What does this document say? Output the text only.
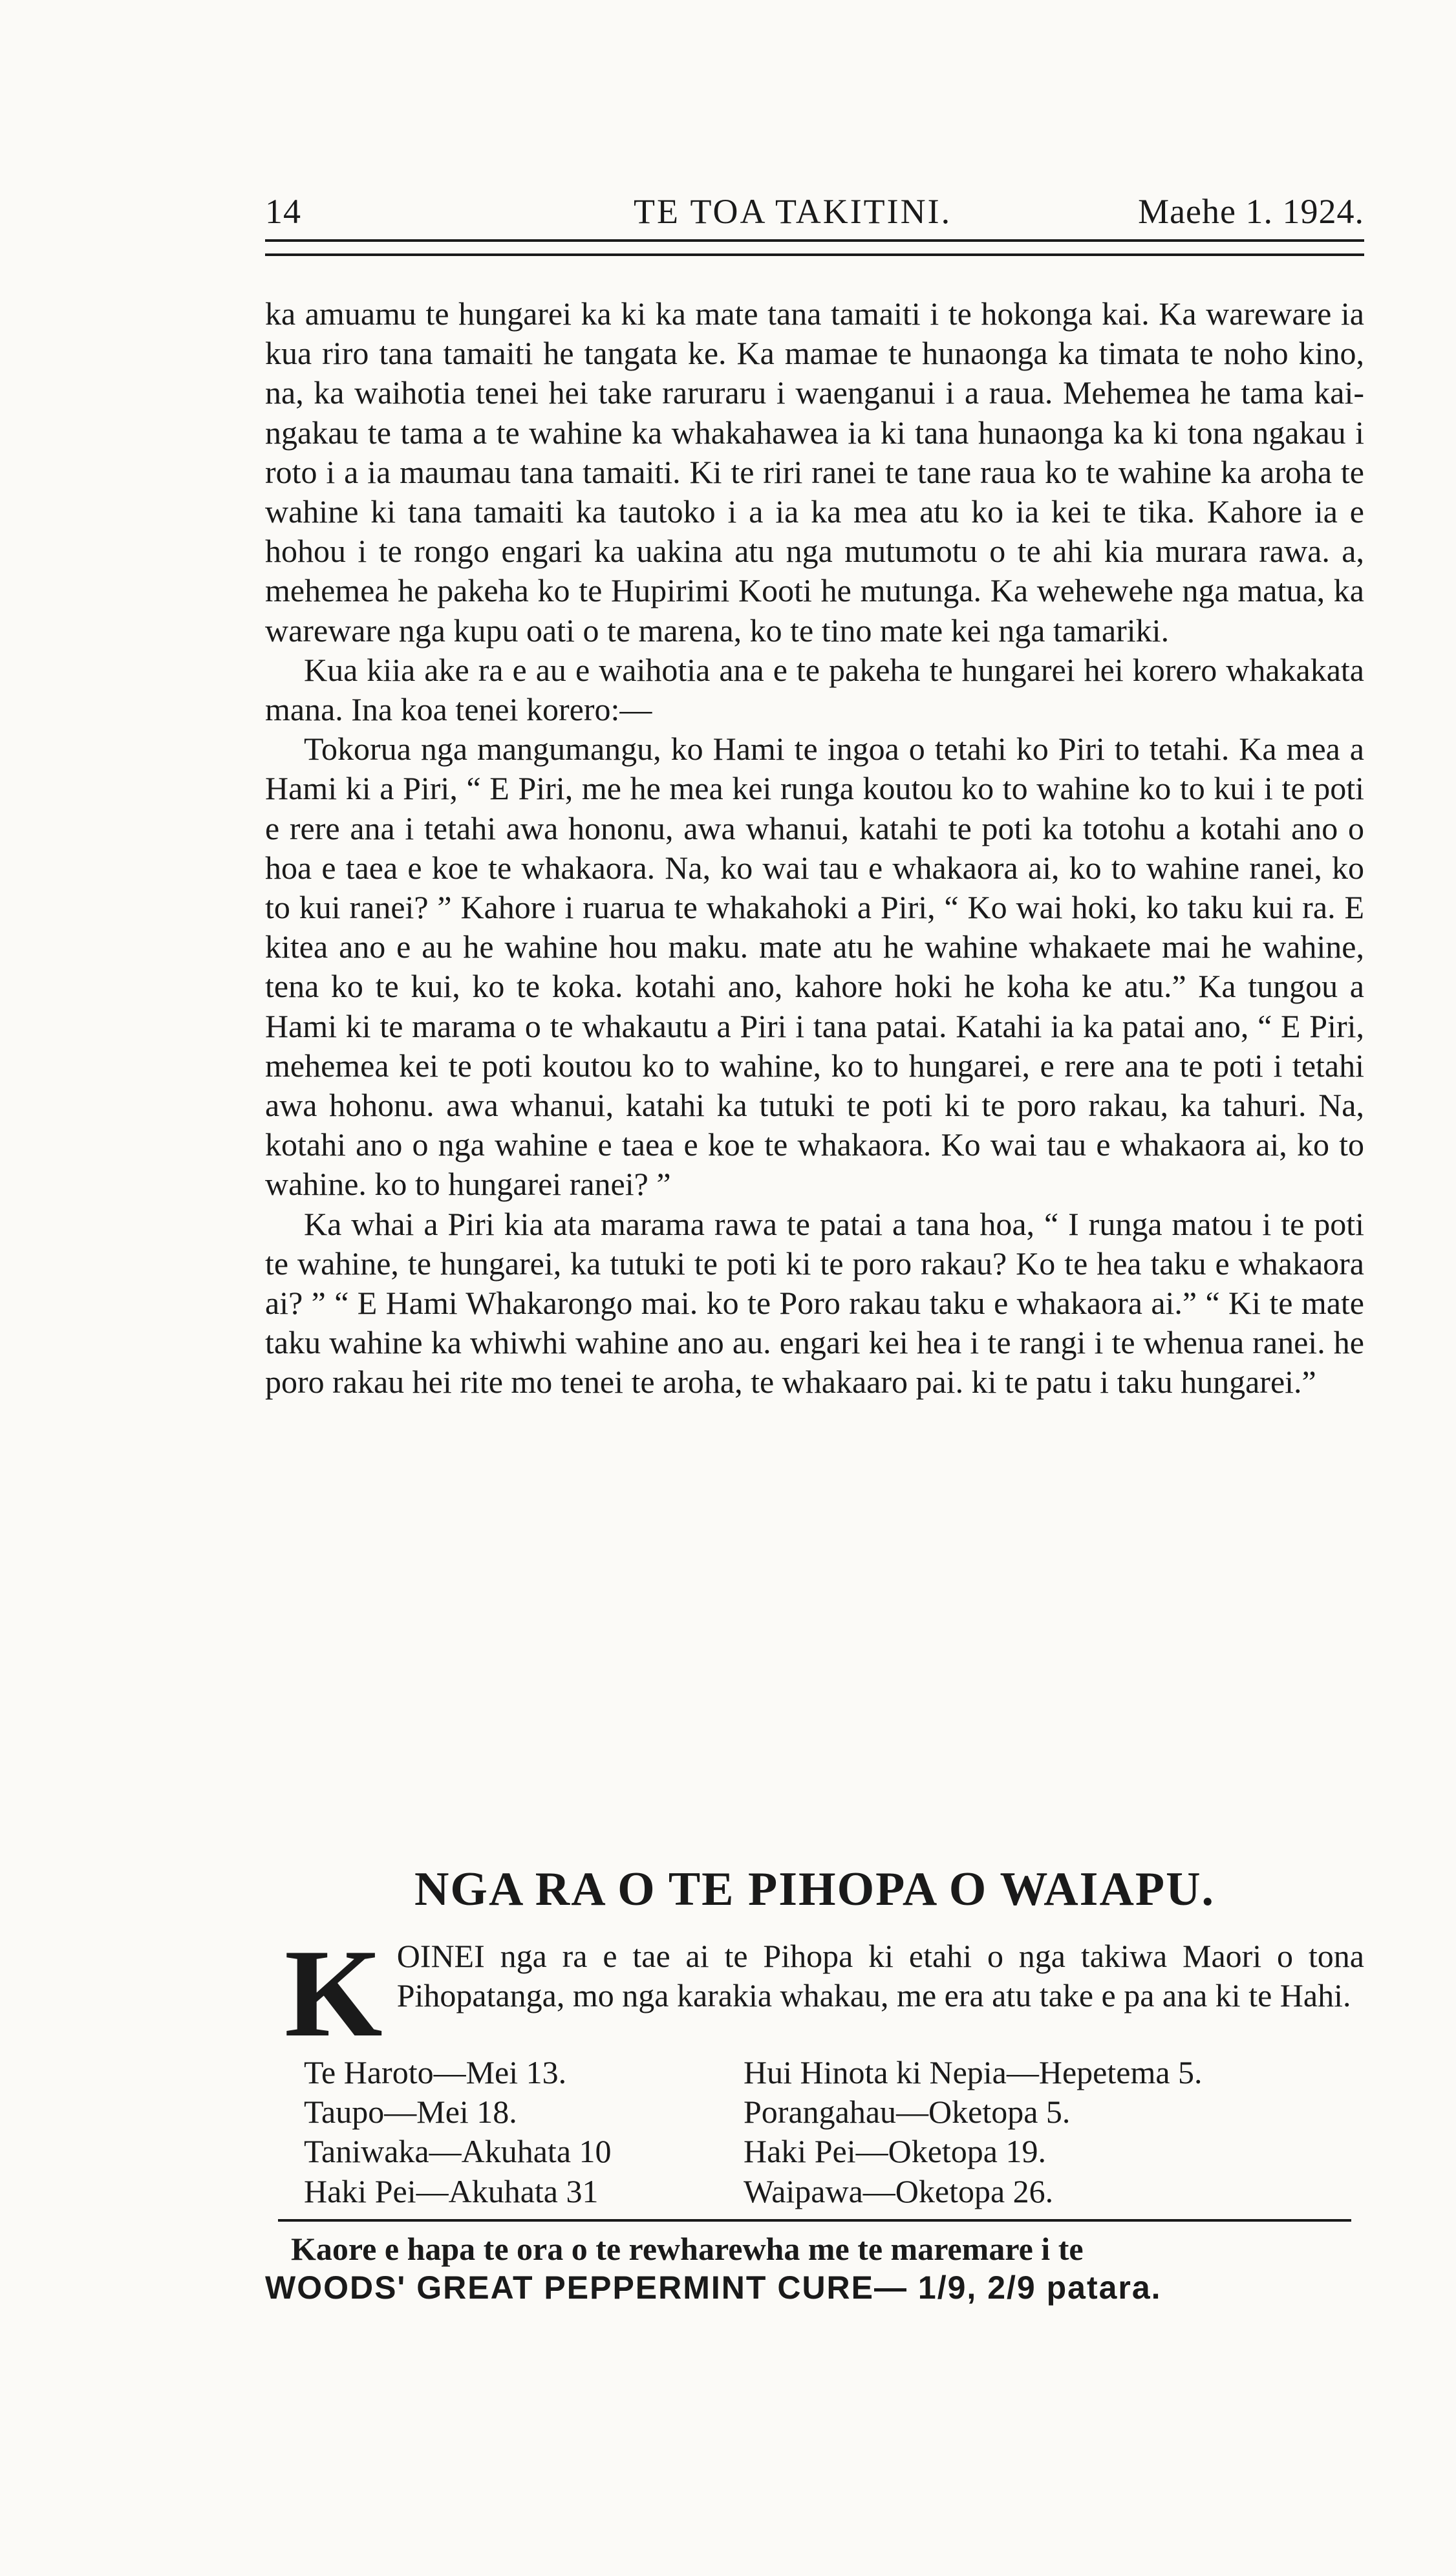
14	TE TOA TAKITINI.	Maehe 1. 1924.

ka amuamu te hungarei ka ki ka mate tana tamaiti i te hokonga kai. Ka wareware ia kua riro tana tamaiti he tangata ke. Ka mamae te hunaonga ka timata te noho kino, na, ka waihotia tenei hei take raruraru i waenganui i a raua. Mehemea he tama kai-ngakau te tama a te wahine ka whakahawea ia ki tana hunaonga ka ki tona ngakau i roto i a ia maumau tana tamaiti. Ki te riri ranei te tane raua ko te wahine ka aroha te wahine ki tana tamaiti ka tautoko i a ia ka mea atu ko ia kei te tika. Kahore ia e hohou i te rongo engari ka uakina atu nga mutumotu o te ahi kia murara rawa. a, mehemea he pakeha ko te Hupirimi Kooti he mutunga. Ka wehewehe nga matua, ka wareware nga kupu oati o te marena, ko te tino mate kei nga tamariki.

Kua kiia ake ra e au e waihotia ana e te pakeha te hungarei hei korero whakakata mana. Ina koa tenei korero:—

Tokorua nga mangumangu, ko Hami te ingoa o tetahi ko Piri to tetahi. Ka mea a Hami ki a Piri, “ E Piri, me he mea kei runga koutou ko to wahine ko to kui i te poti e rere ana i tetahi awa hononu, awa whanui, katahi te poti ka totohu a kotahi ano o hoa e taea e koe te whakaora. Na, ko wai tau e whakaora ai, ko to wahine ranei, ko to kui ranei? ” Kahore i ruarua te whakahoki a Piri, “ Ko wai hoki, ko taku kui ra. E kitea ano e au he wahine hou maku. mate atu he wahine whakaete mai he wahine, tena ko te kui, ko te koka. kotahi ano, kahore hoki he koha ke atu.” Ka tungou a Hami ki te marama o te whakautu a Piri i tana patai. Katahi ia ka patai ano, “ E Piri, mehemea kei te poti koutou ko to wahine, ko to hungarei, e rere ana te poti i tetahi awa hohonu. awa whanui, katahi ka tutuki te poti ki te poro rakau, ka tahuri. Na, kotahi ano o nga wahine e taea e koe te whakaora. Ko wai tau e whakaora ai, ko to wahine. ko to hungarei ranei? ”

Ka whai a Piri kia ata marama rawa te patai a tana hoa, “ I runga matou i te poti te wahine, te hungarei, ka tutuki te poti ki te poro rakau? Ko te hea taku e whakaora ai? ” “ E Hami Whakarongo mai. ko te Poro rakau taku e whakaora ai.” “ Ki te mate taku wahine ka whiwhi wahine ano au. engari kei hea i te rangi i te whenua ranei. he poro rakau hei rite mo tenei te aroha, te whakaaro pai. ki te patu i taku hungarei.”

NGA RA O TE PIHOPA O WAIAPU.
K OINEI nga ra e tae ai te Pihopa ki etahi o nga takiwa Maori o tona Pihopatanga, mo nga karakia whakau, me era atu take e pa ana ki te Hahi.

Te Haroto—Mei 13.	Hui Hinota ki Nepia—Hepetema 5.
Taupo—Mei 18.	Porangahau—Oketopa 5.
Taniwaka—Akuhata 10	Haki Pei—Oketopa 19.
Haki Pei—Akuhata 31	Waipawa—Oketopa 26.
Kaore e hapa te ora o te rewharewha me te maremare i te
WOODS' GREAT PEPPERMINT CURE— 1/9, 2/9 patara.
